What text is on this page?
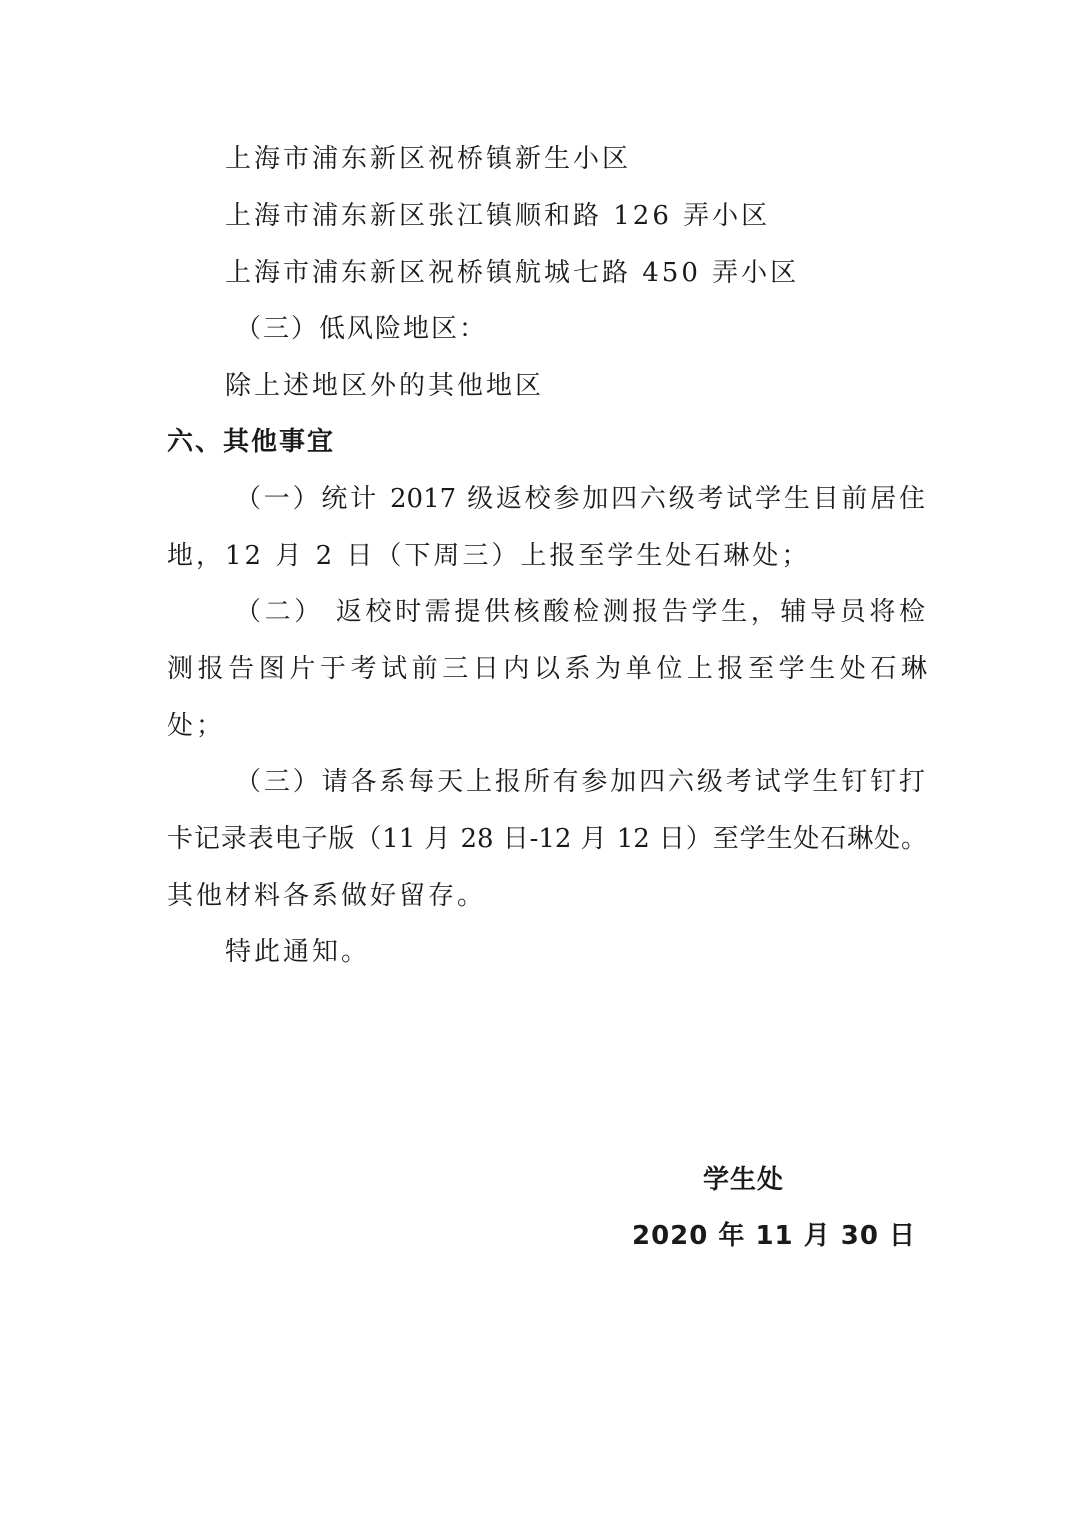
上海市浦东新区祝桥镇新生小区
上海市浦东新区张江镇顺和路 126 弄小区
上海市浦东新区祝桥镇航城七路 450 弄小区
（三）低风险地区：
除上述地区外的其他地区
六、其他事宜
（一）统计 2017 级返校参加四六级考试学生目前居住
地，12 月 2 日（下周三）上报至学生处石琳处；
（二） 返校时需提供核酸检测报告学生，辅导员将检
测报告图片于考试前三日内以系为单位上报至学生处石琳
处；
（三）请各系每天上报所有参加四六级考试学生钉钉打
卡记录表电子版（11 月 28 日-12 月 12 日）至学生处石琳处。
其他材料各系做好留存。
特此通知。
学生处
2020 年 11 月 30 日
